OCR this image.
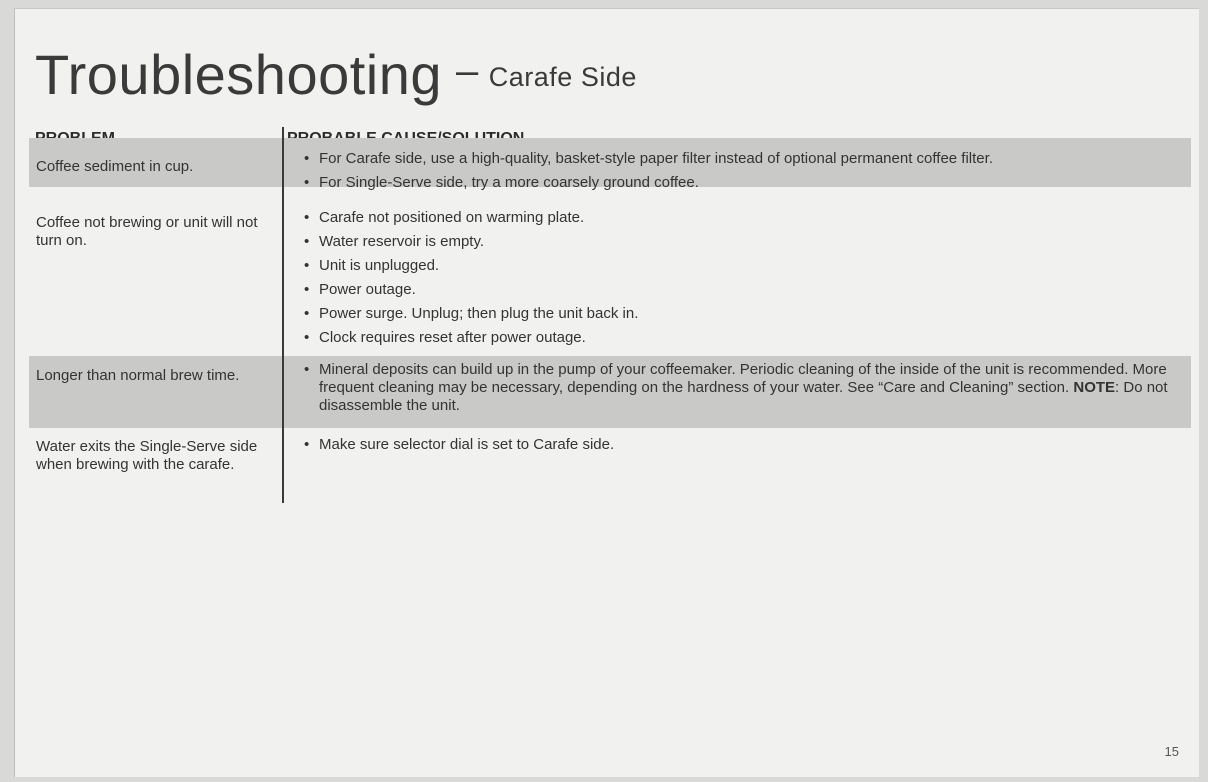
Troubleshooting – $^{Carafe Side}$
Coffee sediment in cup.	• For Carafe side, use a high-quality, basket-style paper filter instead of optional permanent coffee filter.
• For Single-Serve side, try a more coarsely ground coffee.
Coffee not brewing or unit will not turn on.
• Carafe not positioned on warming plate.
• Water reservoir is empty.
• Unit is unplugged.
• Power outage.
• Power surge. Unplug; then plug the unit back in.
• Clock requires reset after power outage.
Longer than normal brew time.	• Mineral deposits can build up in the pump of your coffeemaker. Periodic cleaning of the inside of the unit is recommended. More frequent cleaning may be necessary, depending on the hardness of your water. See “Care and Cleaning” section. NOTE: Do not disassemble the unit.
Water exits the Single-Serve side when brewing with the carafe.
• Make sure selector dial is set to Carafe side.
15
